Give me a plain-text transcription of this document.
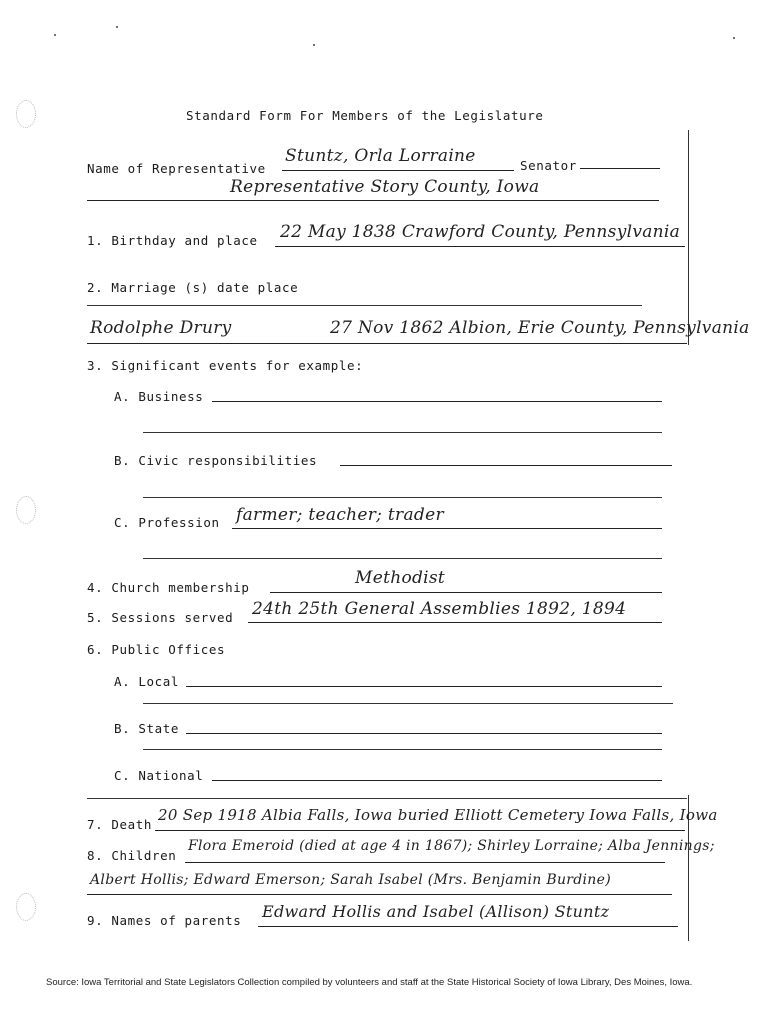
Standard Form For Members of the Legislature
Name of Representative
Stuntz, Orla Lorraine	Senator
Representative Story County, Iowa
1. Birthday and place 22 May 1838 Crawford County, Pennsylvania
2. Marriage (s) date place
Rodolphe Drury	27 Nov 1862 Albion, Erie County, Pennsylvania
3. Significant events for example:
A. Business
B. Civic responsibilities
C. Profession farmer; teacher; trader
4. Church membership	Methodist
5. Sessions served 24th 25th General Assemblies 1892, 1894
6. Public Offices
A. Local
B. State
C. National
7. Death
20 Sep 1918 Albia Falls, Iowa buried Elliott Cemetery Iowa Falls, Iowa
8. Children
Flora Emeroid (died at age 4 in 1867); Shirley Lorraine; Alba Jennings;
Albert Hollis; Edward Emerson; Sarah Isabel (Mrs. Benjamin Burdine)
9. Names of parents Edward Hollis and Isabel (Allison) Stuntz
Source: Iowa Territorial and State Legislators Collection compiled by volunteers and staff at the State Historical Society of Iowa Library, Des Moines, Iowa.
